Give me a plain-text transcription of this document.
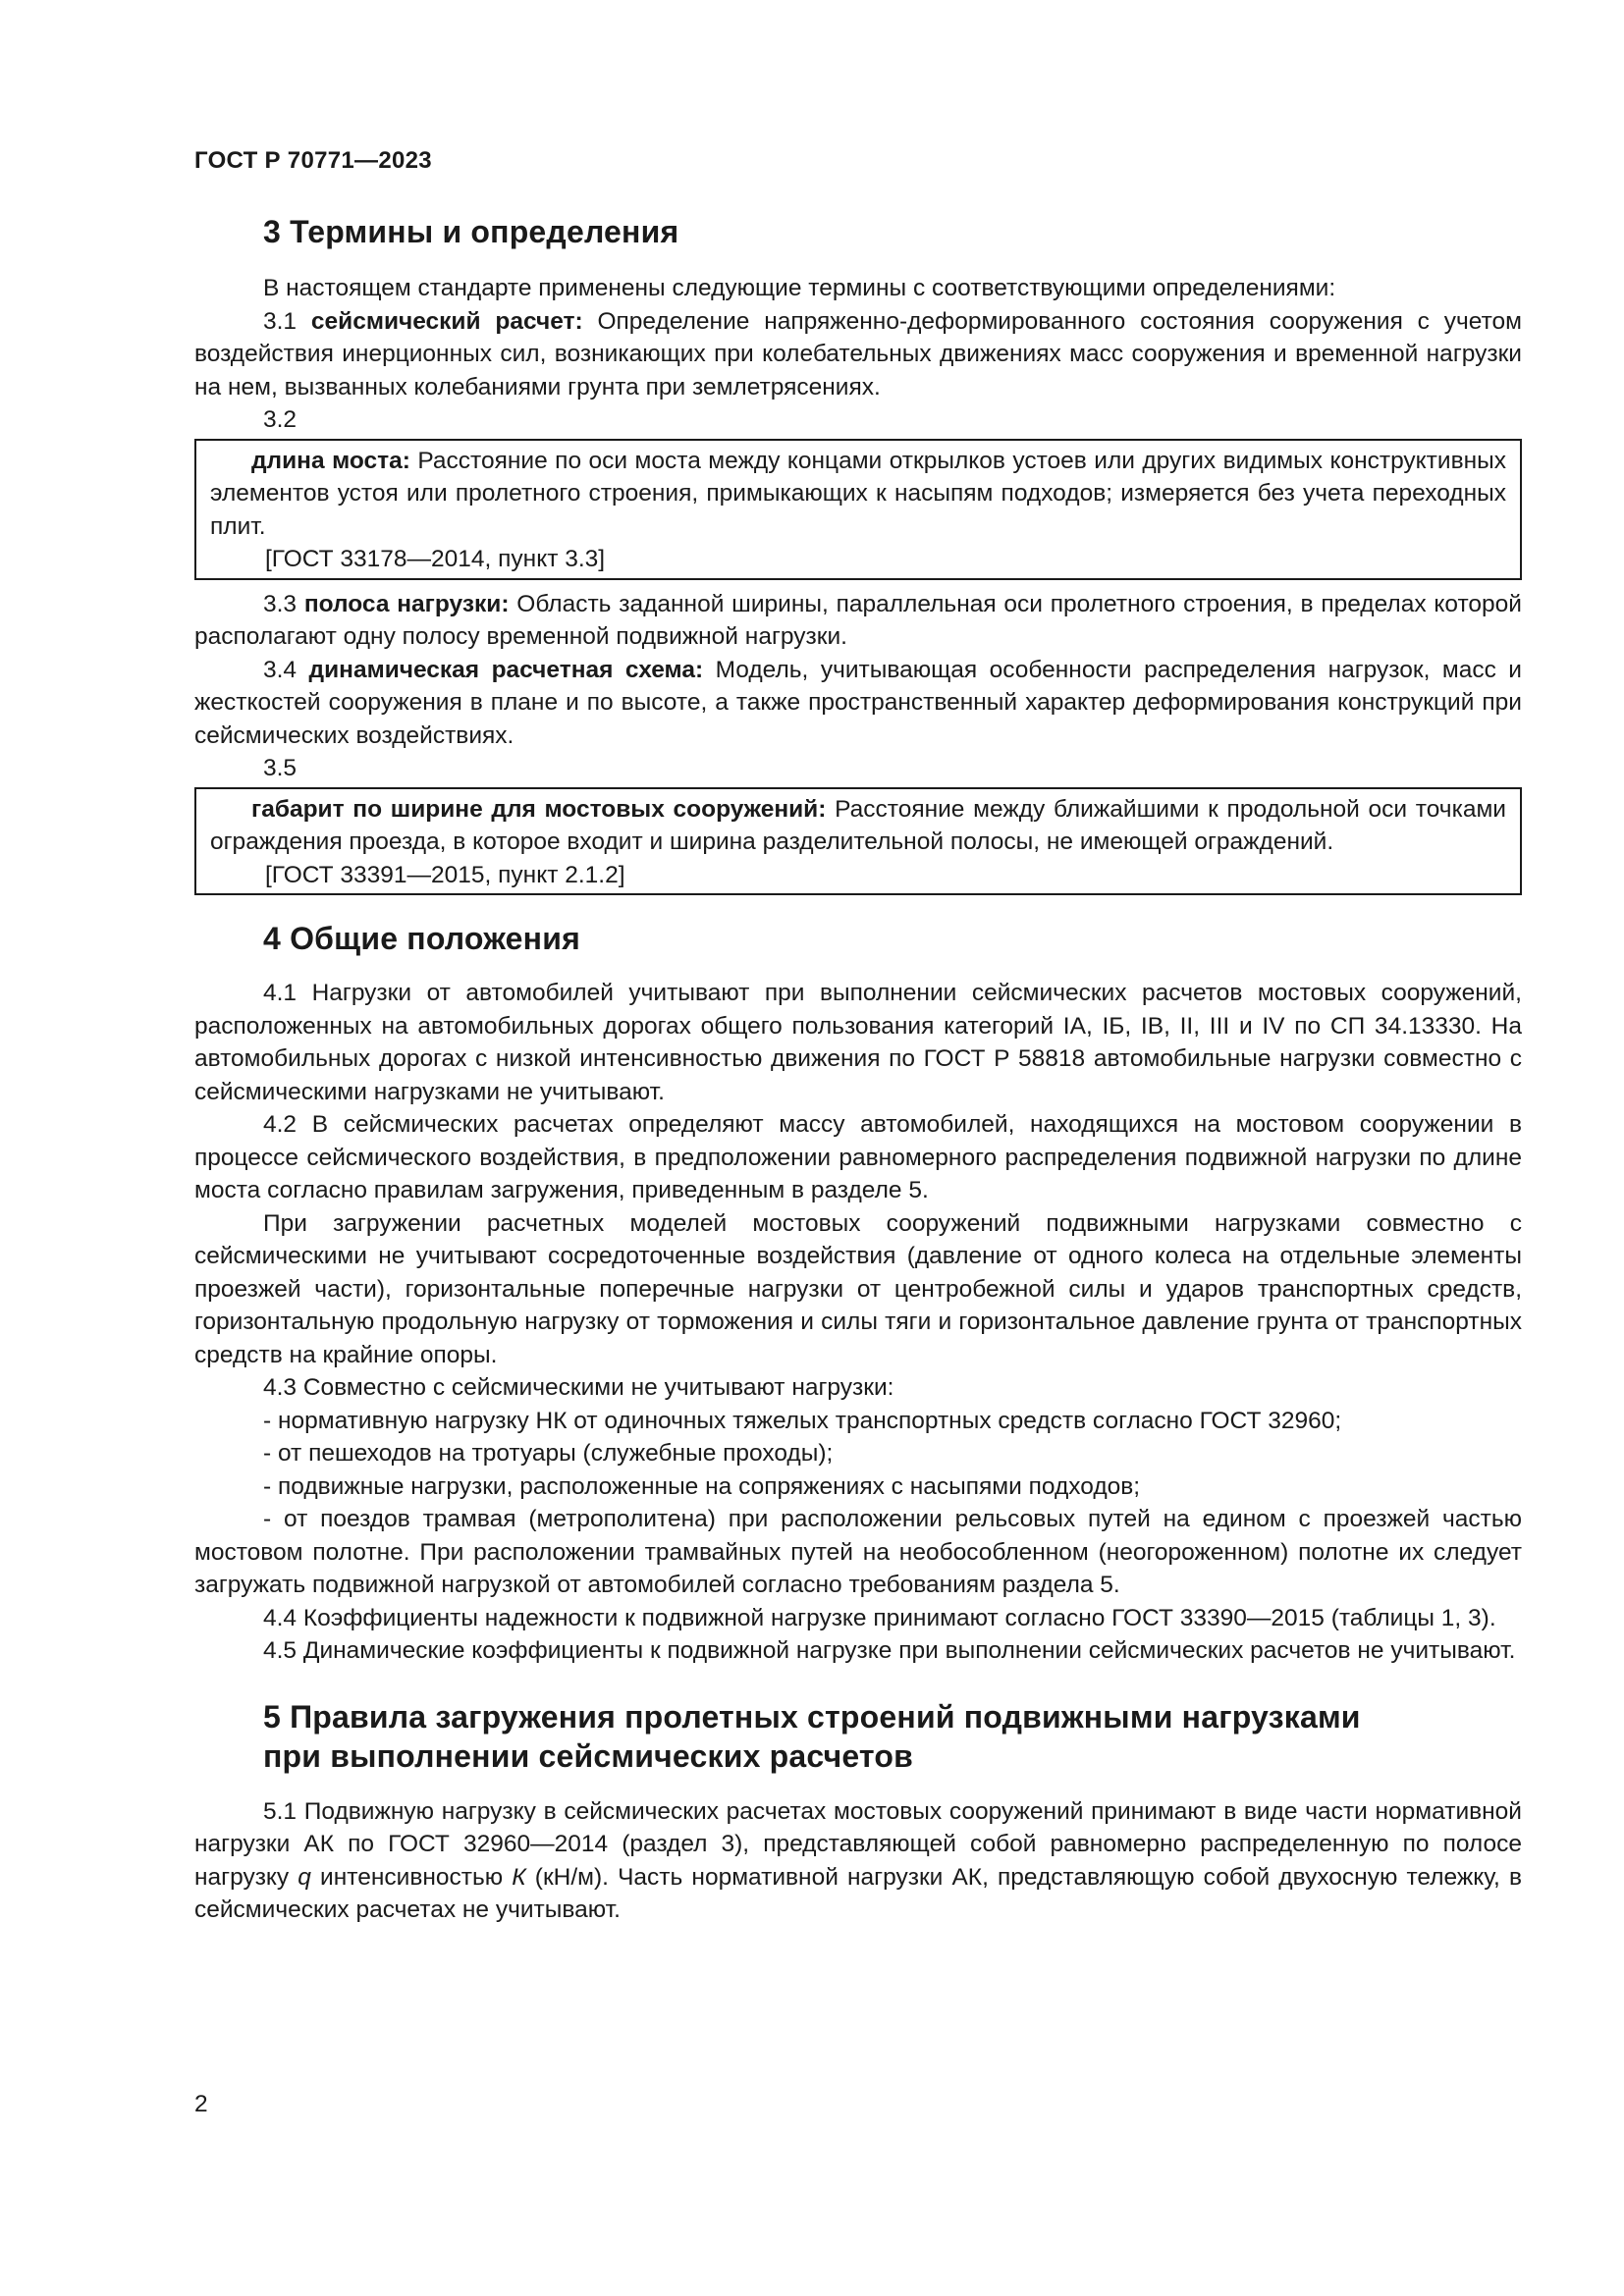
ГОСТ Р 70771—2023
3 Термины и определения

В настоящем стандарте применены следующие термины с соответствующими определениями:

3.1 сейсмический расчет: Определение напряженно-деформированного состояния сооружения с учетом воздействия инерционных сил, возникающих при колебательных движениях масс сооружения и временной нагрузки на нем, вызванных колебаниями грунта при землетрясениях.

3.2

длина моста: Расстояние по оси моста между концами открылков устоев или других видимых конструктивных элементов устоя или пролетного строения, примыкающих к насыпям подходов; измеряется без учета переходных плит.

[ГОСТ 33178—2014, пункт 3.3]

3.3 полоса нагрузки: Область заданной ширины, параллельная оси пролетного строения, в пределах которой располагают одну полосу временной подвижной нагрузки.

3.4 динамическая расчетная схема: Модель, учитывающая особенности распределения нагрузок, масс и жесткостей сооружения в плане и по высоте, а также пространственный характер деформирования конструкций при сейсмических воздействиях.

3.5

габарит по ширине для мостовых сооружений: Расстояние между ближайшими к продольной оси точками ограждения проезда, в которое входит и ширина разделительной полосы, не имеющей ограждений.

[ГОСТ 33391—2015, пункт 2.1.2]
4 Общие положения

4.1 Нагрузки от автомобилей учитывают при выполнении сейсмических расчетов мостовых сооружений, расположенных на автомобильных дорогах общего пользования категорий IA, IБ, IB, II, III и IV по СП 34.13330. На автомобильных дорогах с низкой интенсивностью движения по ГОСТ Р 58818 автомобильные нагрузки совместно с сейсмическими нагрузками не учитывают.

4.2 В сейсмических расчетах определяют массу автомобилей, находящихся на мостовом сооружении в процессе сейсмического воздействия, в предположении равномерного распределения подвижной нагрузки по длине моста согласно правилам загружения, приведенным в разделе 5.

При загружении расчетных моделей мостовых сооружений подвижными нагрузками совместно с сейсмическими не учитывают сосредоточенные воздействия (давление от одного колеса на отдельные элементы проезжей части), горизонтальные поперечные нагрузки от центробежной силы и ударов транспортных средств, горизонтальную продольную нагрузку от торможения и силы тяги и горизонтальное давление грунта от транспортных средств на крайние опоры.

4.3 Совместно с сейсмическими не учитывают нагрузки:

- нормативную нагрузку НК от одиночных тяжелых транспортных средств согласно ГОСТ 32960;

- от пешеходов на тротуары (служебные проходы);

- подвижные нагрузки, расположенные на сопряжениях с насыпями подходов;

- от поездов трамвая (метрополитена) при расположении рельсовых путей на едином с проезжей частью мостовом полотне. При расположении трамвайных путей на необособленном (неогороженном) полотне их следует загружать подвижной нагрузкой от автомобилей согласно требованиям раздела 5.

4.4 Коэффициенты надежности к подвижной нагрузке принимают согласно ГОСТ 33390—2015 (таблицы 1, 3).

4.5 Динамические коэффициенты к подвижной нагрузке при выполнении сейсмических расчетов не учитывают.

5 Правила загружения пролетных строений подвижными нагрузками
при выполнении сейсмических расчетов

5.1 Подвижную нагрузку в сейсмических расчетах мостовых сооружений принимают в виде части нормативной нагрузки АК по ГОСТ 32960—2014 (раздел 3), представляющей собой равномерно распределенную по полосе нагрузку q интенсивностью К (кН/м). Часть нормативной нагрузки АК, представляющую собой двухосную тележку, в сейсмических расчетах не учитывают.

2
